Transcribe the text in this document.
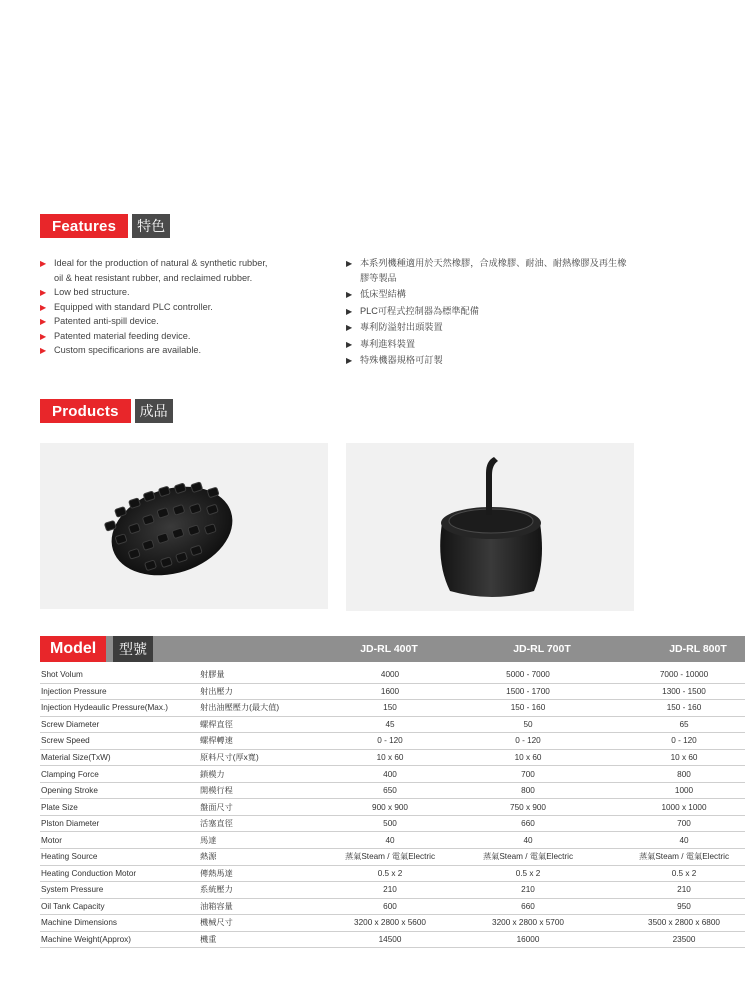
Features	特色
▶ Ideal for the production of natural & synthetic rubber,
oil & heat resistant rubber, and reclaimed rubber.
▶ Low bed structure.
▶ Equipped with standard PLC controller.
▶ Patented anti-spill device.
▶ Patented material feeding device.
▶ Custom specificarions are available.
▶ 本系列機種適用於天然橡膠，合成橡膠、耐油、耐熱橡膠及再生橡
膠等製品
▶ 低床型結構
▶ PLC可程式控制器為標準配備
▶ 專利防溢射出頭裝置
▶ 專利進料裝置
▶ 特殊機器規格可訂製
Products	成品
Model	型號	JD-RL 400T	JD-RL 700T	JD-RL 800T
Shot Volum	射膠量	4000		5000 - 7000		7000 - 10000
Injection Pressure	射出壓力	1600		1500 - 1700		1300 - 1500
Injection Hydeaulic Pressure(Max.)	射出油壓壓力(最大值)	150		150 - 160		150 - 160
Screw Diameter	螺桿直徑	45		50		65
Screw Speed	螺桿轉速	0 - 120		0 - 120		0 - 120
Material Size(TxW)	原料尺寸(厚x寬)	10 x 60		10 x 60		10 x 60
Clamping Force	鎖模力	400		700		800
Opening Stroke	開模行程	650		800		1000
Plate Size	盤面尺寸	900 x 900		750 x 900		1000 x 1000
Plston Diameter	活塞直徑	500		660		700
Motor	馬達	40		40		40
Heating Source	熱源	蒸氣Steam / 電氣Electric		蒸氣Steam / 電氣Electric		蒸氣Steam / 電氣Electric
Heating Conduction Motor	傳熱馬達	0.5 x 2		0.5 x 2		0.5 x 2
System Pressure	系統壓力	210		210		210
Oil Tank Capacity	油箱容量	600		660		950
Machine Dimensions	機械尺寸	3200 x 2800 x 5600		3200 x 2800 x 5700		3500 x 2800 x 6800
Machine Weight(Approx)	機重	14500		16000		23500
